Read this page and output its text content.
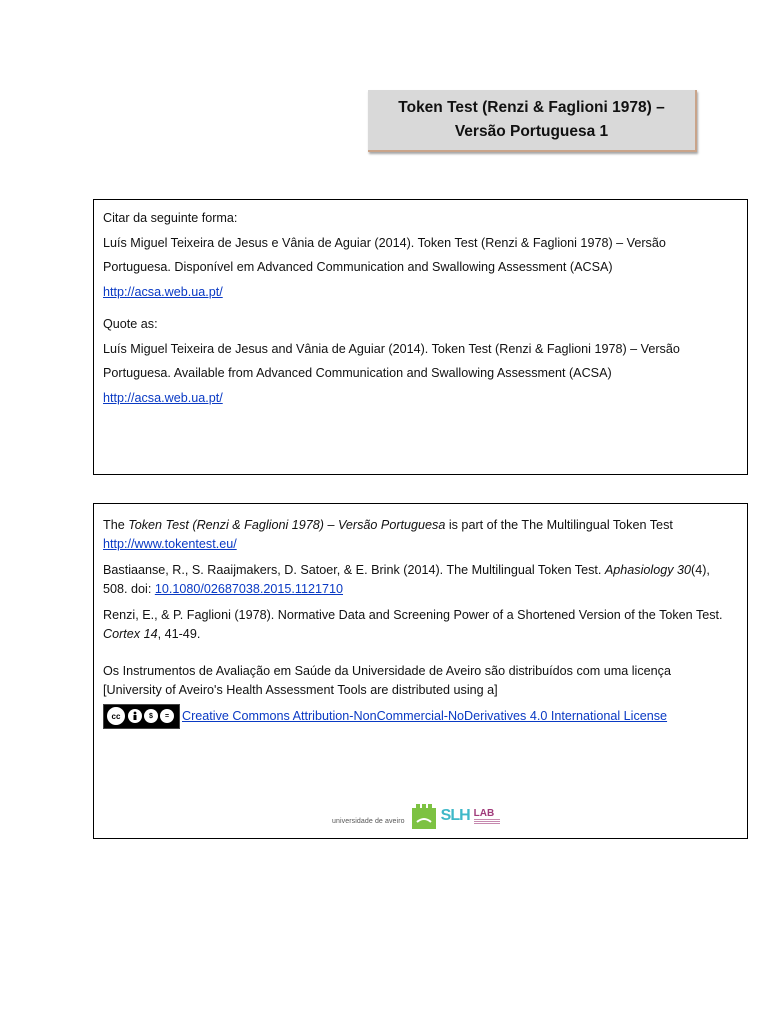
Token Test (Renzi & Faglioni 1978) –
Versão Portuguesa 1
Citar da seguinte forma:
Luís Miguel Teixeira de Jesus e Vânia de Aguiar (2014). Token Test (Renzi & Faglioni 1978) – Versão
Portuguesa. Disponível em Advanced Communication and Swallowing Assessment (ACSA)
http://acsa.web.ua.pt/
Quote as:
Luís Miguel Teixeira de Jesus and Vânia de Aguiar (2014). Token Test (Renzi & Faglioni 1978) – Versão
Portuguesa. Available from Advanced Communication and Swallowing Assessment (ACSA)
http://acsa.web.ua.pt/
The Token Test (Renzi & Faglioni 1978) – Versão Portuguesa is part of the The Multilingual Token Test
http://www.tokentest.eu/
Bastiaanse, R., S. Raaijmakers, D. Satoer, & E. Brink (2014). The Multilingual Token Test. Aphasiology 30(4),
508. doi: 10.1080/02687038.2015.1121710
Renzi, E., & P. Faglioni (1978). Normative Data and Screening Power of a Shortened Version of the Token Test.
Cortex 14, 41-49.
Os Instrumentos de Avaliação em Saúde da Universidade de Aveiro são distribuídos com uma licença
[University of Aveiro's Health Assessment Tools are distributed using a]
cc	$	=	Creative Commons Attribution-NonCommercial-NoDerivatives 4.0 International License
universidade de aveiro SLH LAB
